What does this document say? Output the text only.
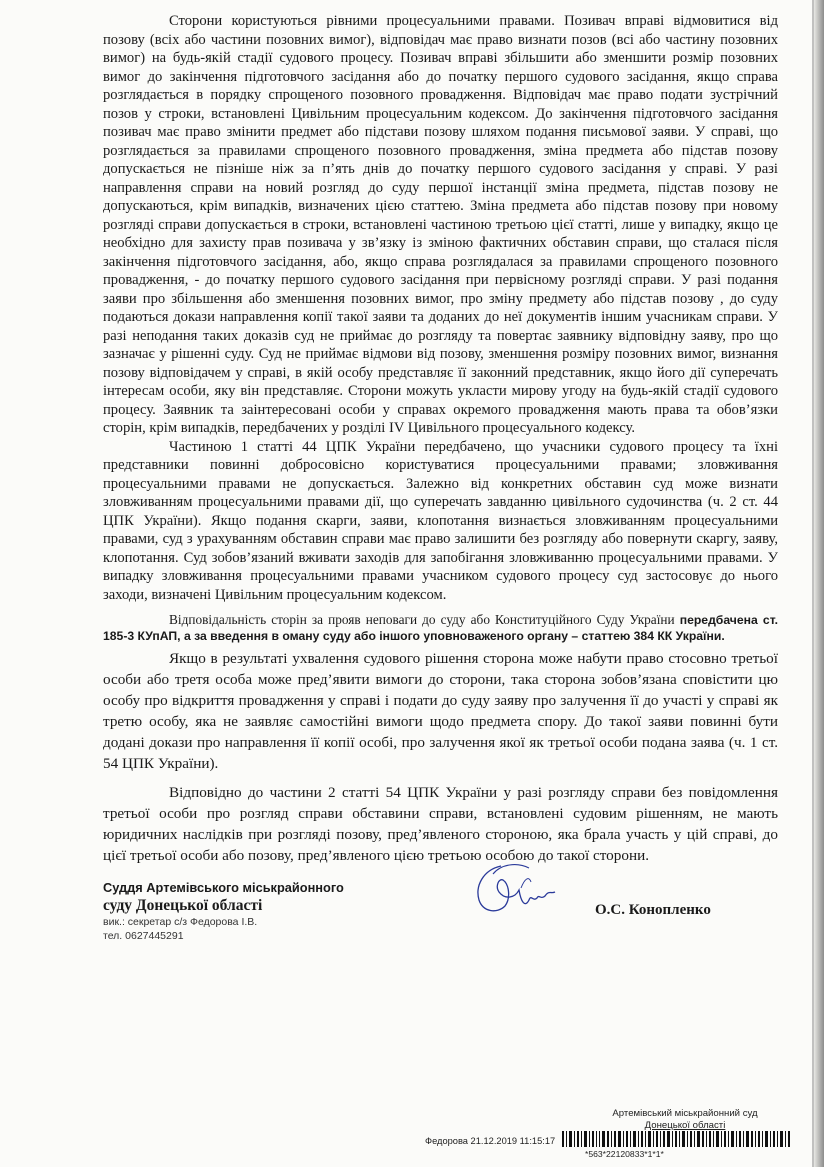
Сторони користуються рівними процесуальними правами. Позивач вправі відмовитися від позову (всіх або частини позовних вимог), відповідач має право визнати позов (всі або частину позовних вимог) на будь-якій стадії судового процесу. Позивач вправі збільшити або зменшити розмір позовних вимог до закінчення підготовчого засідання або до початку першого судового засідання, якщо справа розглядається в порядку спрощеного позовного провадження. Відповідач має право подати зустрічний позов у строки, встановлені Цивільним процесуальним кодексом. До закінчення підготовчого засідання позивач має право змінити предмет або підстави позову шляхом подання письмової заяви. У справі, що розглядається за правилами спрощеного позовного провадження, зміна предмета або підстав позову допускається не пізніше ніж за п’ять днів до початку першого судового засідання у справі. У разі направлення справи на новий розгляд до суду першої інстанції зміна предмета, підстав позову не допускаються, крім випадків, визначених цією статтею. Зміна предмета або підстав позову при новому розгляді справи допускається в строки, встановлені частиною третьою цієї статті, лише у випадку, якщо це необхідно для захисту прав позивача у зв’язку із зміною фактичних обставин справи, що сталася після закінчення підготовчого засідання, або, якщо справа розглядалася за правилами спрощеного позовного провадження, - до початку першого судового засідання при первісному розгляді справи. У разі подання заяви про збільшення або зменшення позовних вимог, про зміну предмету або підстав позову , до суду подаються докази направлення копії такої заяви та доданих до неї документів іншим учасникам справи. У разі неподання таких доказів суд не приймає до розгляду та повертає заявнику відповідну заяву, про що зазначає у рішенні суду. Суд не приймає відмови від позову, зменшення розміру позовних вимог, визнання позову відповідачем у справі, в якій особу представляє її законний представник, якщо його дії суперечать інтересам особи, яку він представляє. Сторони можуть укласти мирову угоду на будь-якій стадії судового процесу. Заявник та заінтересовані особи у справах окремого провадження мають права та обов’язки сторін, крім випадків, передбачених у розділі IV Цивільного процесуального кодексу.

Частиною 1 статті 44 ЦПК України передбачено, що учасники судового процесу та їхні представники повинні добросовісно користуватися процесуальними правами; зловживання процесуальними правами не допускається. Залежно від конкретних обставин суд може визнати зловживанням процесуальними правами дії, що суперечать завданню цивільного судочинства (ч. 2 ст. 44 ЦПК України). Якщо подання скарги, заяви, клопотання визнається зловживанням процесуальними правами, суд з урахуванням обставин справи має право залишити без розгляду або повернути скаргу, заяву, клопотання. Суд зобов’язаний вживати заходів для запобігання зловживанню процесуальними правами. У випадку зловживання процесуальними правами учасником судового процесу суд застосовує до нього заходи, визначені Цивільним процесуальним кодексом.

Відповідальність сторін за прояв неповаги до суду або Конституційного Суду України передбачена ст. 185-3 КУпАП, а за введення в оману суду або іншого уповноваженого органу – статтею 384 КК України.

Якщо в результаті ухвалення судового рішення сторона може набути право стосовно третьої особи або третя особа може пред’явити вимоги до сторони, така сторона зобов’язана сповістити цю особу про відкриття провадження у справі і подати до суду заяву про залучення її до участі у справі як третю особу, яка не заявляє самостійні вимоги щодо предмета спору. До такої заяви повинні бути додані докази про направлення її копії особі, про залучення якої як третьої особи подана заява (ч. 1 ст. 54 ЦПК України).

Відповідно до частини 2 статті 54 ЦПК України у разі розгляду справи без повідомлення третьої особи про розгляд справи обставини справи, встановлені судовим рішенням, не мають юридичних наслідків при розгляді позову, пред’явленого стороною, яка брала участь у цій справі, до цієї третьої особи або позову, пред’явленого цією третьою особою до такої сторони.

Суддя Артемівського міськрайонного
суду Донецької області
вик.: секретар с/з Федорова І.В.
тел. 0627445291
О.С. Конопленко
Артемівський міськрайонний суд
Донецької області
Федорова 21.12.2019 11:15:17
*563*22120833*1*1*
